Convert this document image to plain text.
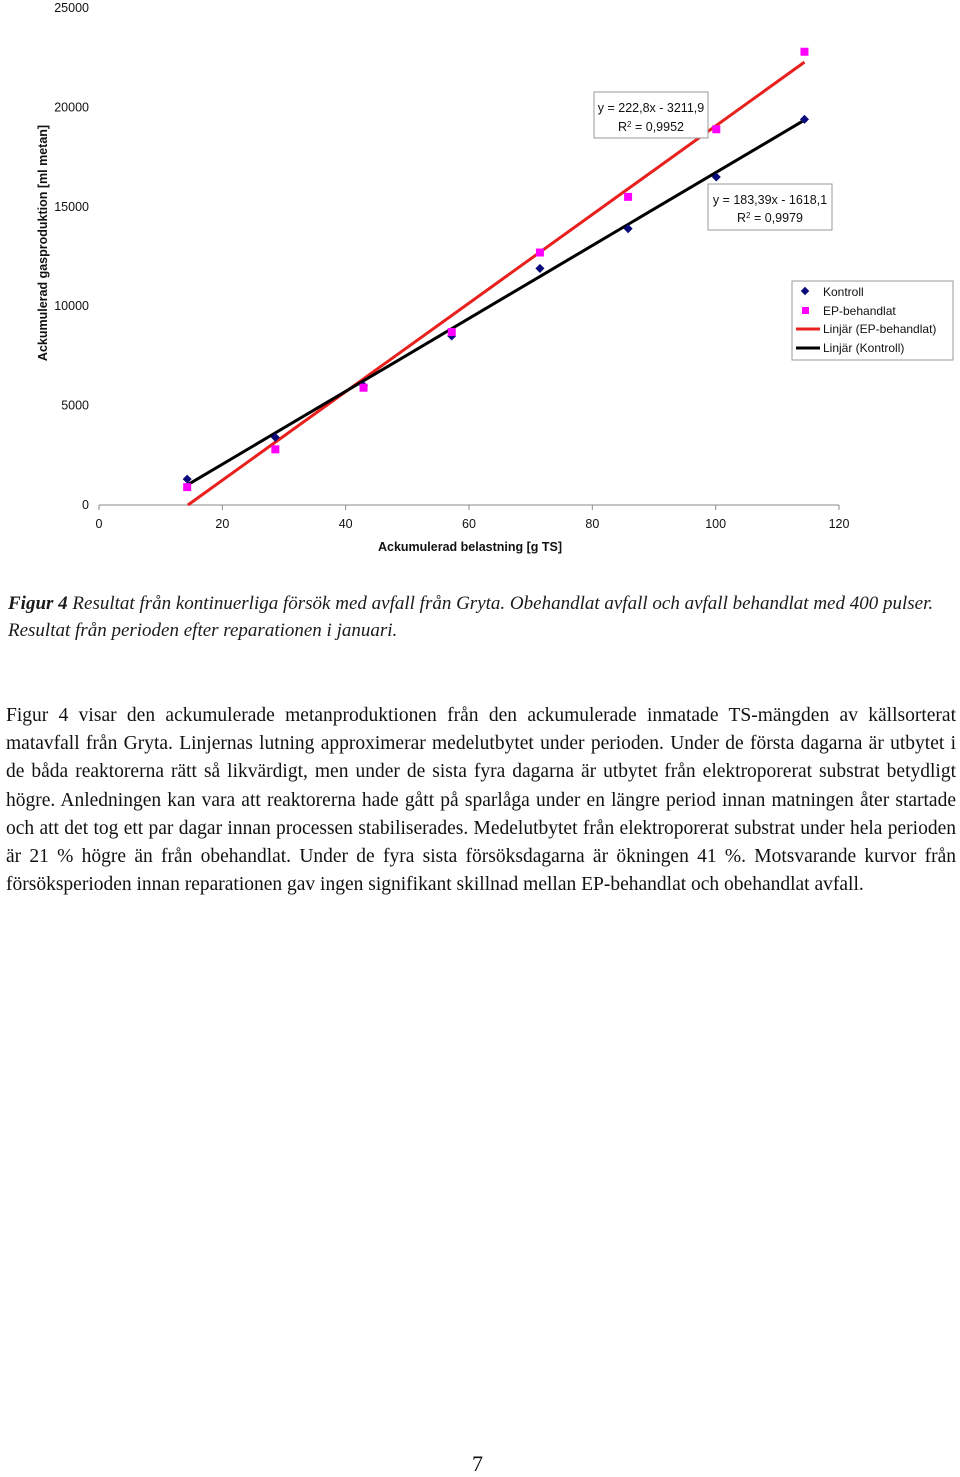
0	20	40	60	80	100	120
0
5000
10000
15000
20000
25000
Ackumulerad gasproduktion [ml metan]
Ackumulerad belastning [g TS]
y = 222,8x - 3211,9
$R^2 = 0,9952$
y = 183,39x - 1618,1
$R^2 = 0,9979$
Kontroll
EP-behandlat
Linjär (EP-behandlat)
Linjär (Kontroll)

Figur 4 Resultat från kontinuerliga försök med avfall från Gryta. Obehandlat avfall och avfall behandlat med 400 pulser. Resultat från perioden efter reparationen i januari.

Figur 4 visar den ackumulerade metanproduktionen från den ackumulerade inmatade TS-mängden av källsorterat matavfall från Gryta. Linjernas lutning approximerar medelutbytet under perioden. Under de första dagarna är utbytet i de båda reaktorerna rätt så likvärdigt, men under de sista fyra dagarna är utbytet från elektroporerat substrat betydligt högre. Anledningen kan vara att reaktorerna hade gått på sparlåga under en längre period innan matningen åter startade och att det tog ett par dagar innan processen stabiliserades. Medelutbytet från elektroporerat substrat under hela perioden är 21 % högre än från obehandlat. Under de fyra sista försöksdagarna är ökningen 41 %. Motsvarande kurvor från försöksperioden innan reparationen gav ingen signifikant skillnad mellan EP-behandlat och obehandlat avfall.

7
